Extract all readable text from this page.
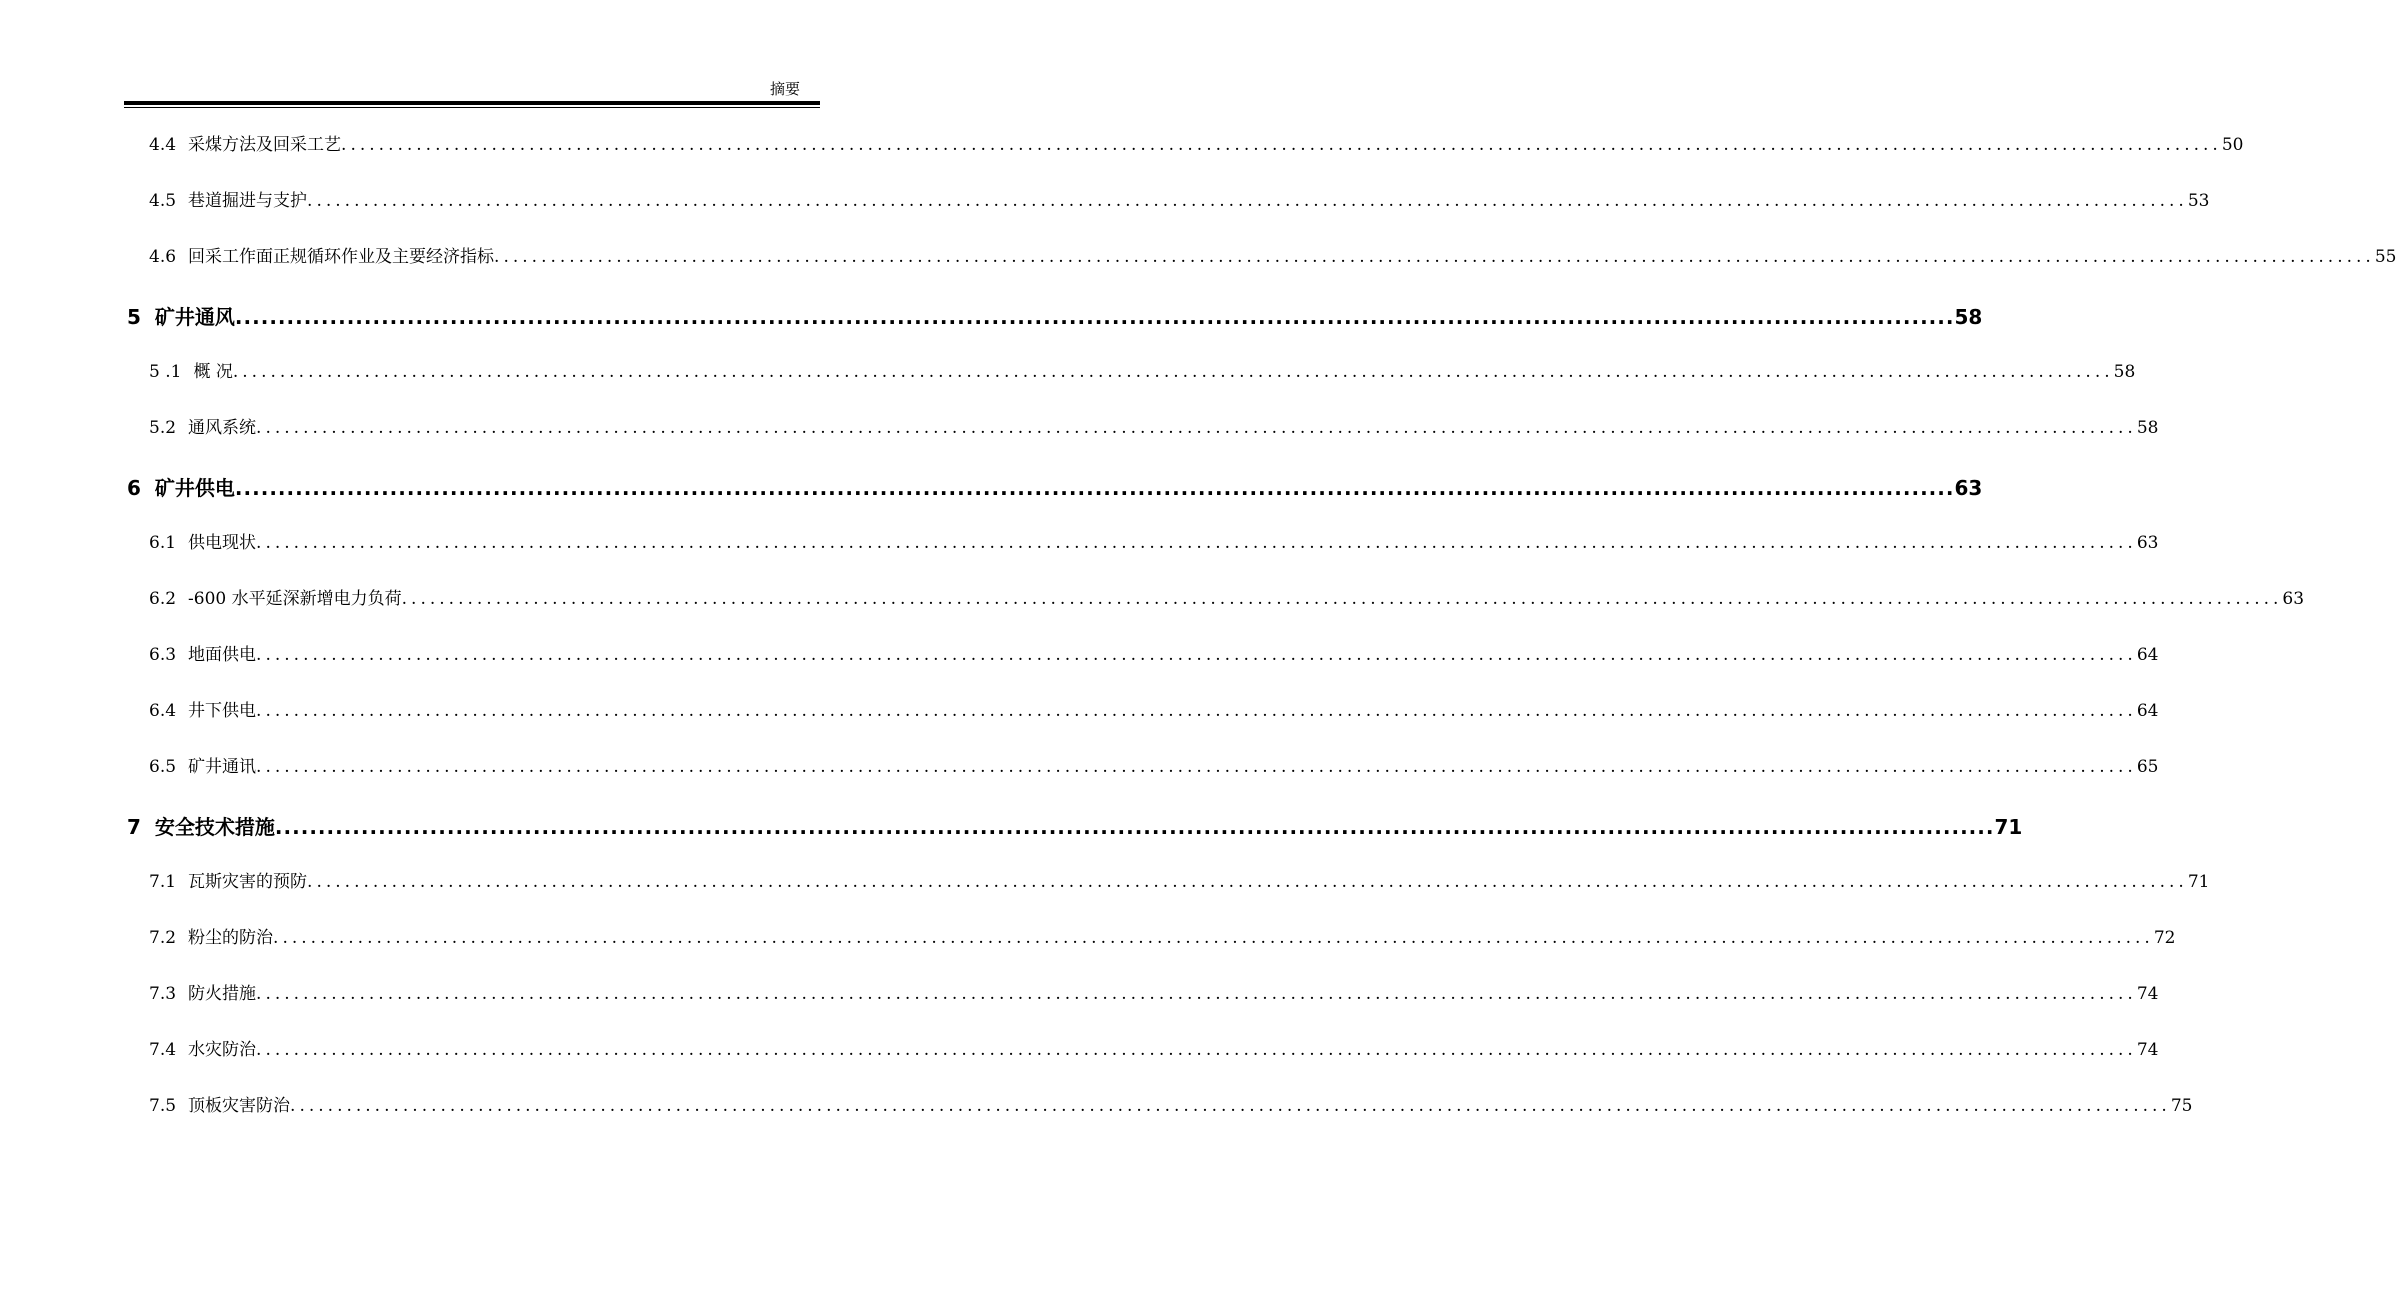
摘要
4.4 采煤方法及回采工艺 ........................................................................................................................................................................................................ 50
4.5 巷道掘进与支护 ........................................................................................................................................................................................................ 53
4.6 回采工作面正规循环作业及主要经济指标 ........................................................................................................................................................................................................ 55
5 矿井通风 ........................................................................................................................................................................................................ 58
5 .1 概 况 ........................................................................................................................................................................................................ 58
5.2 通风系统 ........................................................................................................................................................................................................ 58
6 矿井供电 ........................................................................................................................................................................................................ 63
6.1 供电现状 ........................................................................................................................................................................................................ 63
6.2 -600 水平延深新增电力负荷 ........................................................................................................................................................................................................ 63
6.3 地面供电 ........................................................................................................................................................................................................ 64
6.4 井下供电 ........................................................................................................................................................................................................ 64
6.5 矿井通讯 ........................................................................................................................................................................................................ 65
7 安全技术措施 ........................................................................................................................................................................................................ 71
7.1 瓦斯灾害的预防 ........................................................................................................................................................................................................ 71
7.2 粉尘的防治 ........................................................................................................................................................................................................ 72
7.3 防火措施 ........................................................................................................................................................................................................ 74
7.4 水灾防治 ........................................................................................................................................................................................................ 74
7.5 顶板灾害防治 ........................................................................................................................................................................................................ 75
